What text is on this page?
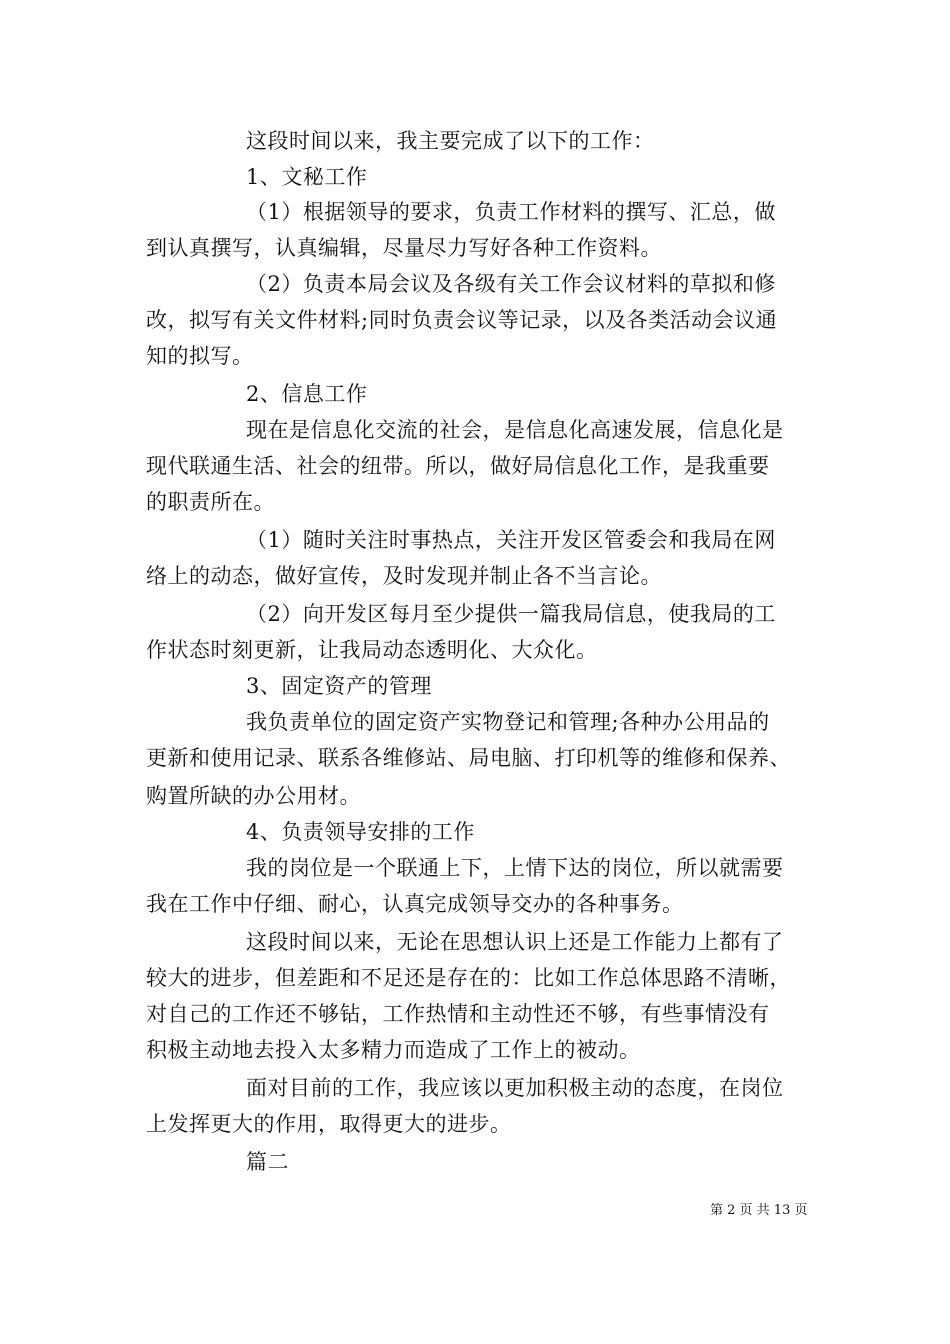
这段时间以来，我主要完成了以下的工作：
1、文秘工作
（1）根据领导的要求，负责工作材料的撰写、汇总，做
到认真撰写，认真编辑，尽量尽力写好各种工作资料。
（2）负责本局会议及各级有关工作会议材料的草拟和修
改，拟写有关文件材料;同时负责会议等记录，以及各类活动会议通
知的拟写。
2、信息工作
现在是信息化交流的社会，是信息化高速发展，信息化是
现代联通生活、社会的纽带。所以，做好局信息化工作，是我重要
的职责所在。
（1）随时关注时事热点，关注开发区管委会和我局在网
络上的动态，做好宣传，及时发现并制止各不当言论。
（2）向开发区每月至少提供一篇我局信息，使我局的工
作状态时刻更新，让我局动态透明化、大众化。
3、固定资产的管理
我负责单位的固定资产实物登记和管理;各种办公用品的
更新和使用记录、联系各维修站、局电脑、打印机等的维修和保养、
购置所缺的办公用材。
4、负责领导安排的工作
我的岗位是一个联通上下，上情下达的岗位，所以就需要
我在工作中仔细、耐心，认真完成领导交办的各种事务。
这段时间以来，无论在思想认识上还是工作能力上都有了
较大的进步，但差距和不足还是存在的：比如工作总体思路不清晰，
对自己的工作还不够钻，工作热情和主动性还不够，有些事情没有
积极主动地去投入太多精力而造成了工作上的被动。
面对目前的工作，我应该以更加积极主动的态度，在岗位
上发挥更大的作用，取得更大的进步。
篇二
第 2 页 共 13 页
